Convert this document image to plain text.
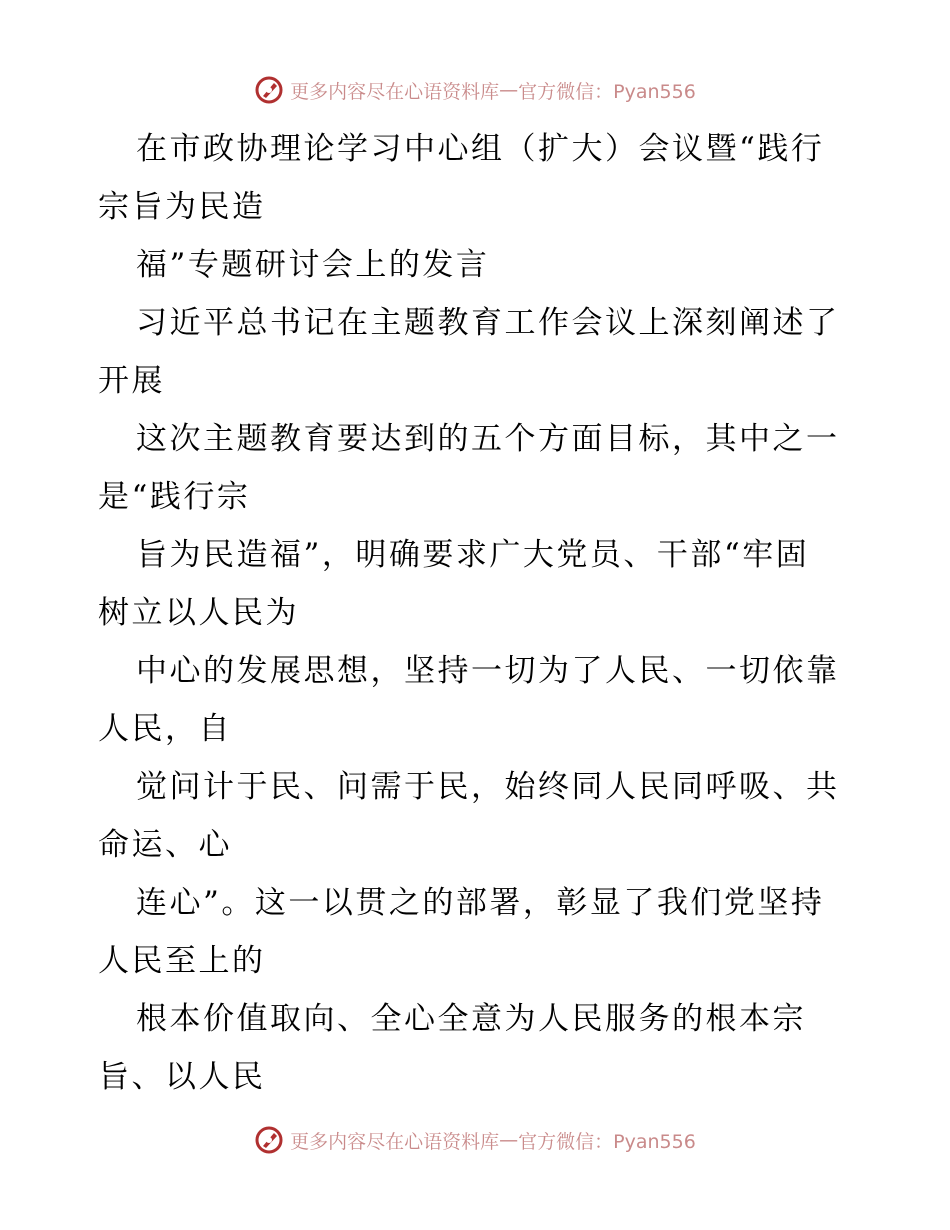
更多内容尽在心语资料库 — 官方微信：Pyan556
在市政协理论学习中心组（扩大）会议暨“践行
宗旨为民造
福”专题研讨会上的发言
习近平总书记在主题教育工作会议上深刻阐述了
开展
这次主题教育要达到的五个方面目标，其中之一
是“践行宗
旨为民造福”，明确要求广大党员、干部“牢固
树立以人民为
中心的发展思想，坚持一切为了人民、一切依靠
人民，自
觉问计于民、问需于民，始终同人民同呼吸、共
命运、心
连心”。这一以贯之的部署，彰显了我们党坚持
人民至上的
根本价值取向、全心全意为人民服务的根本宗
旨、以人民
更多内容尽在心语资料库 — 官方微信：Pyan556
